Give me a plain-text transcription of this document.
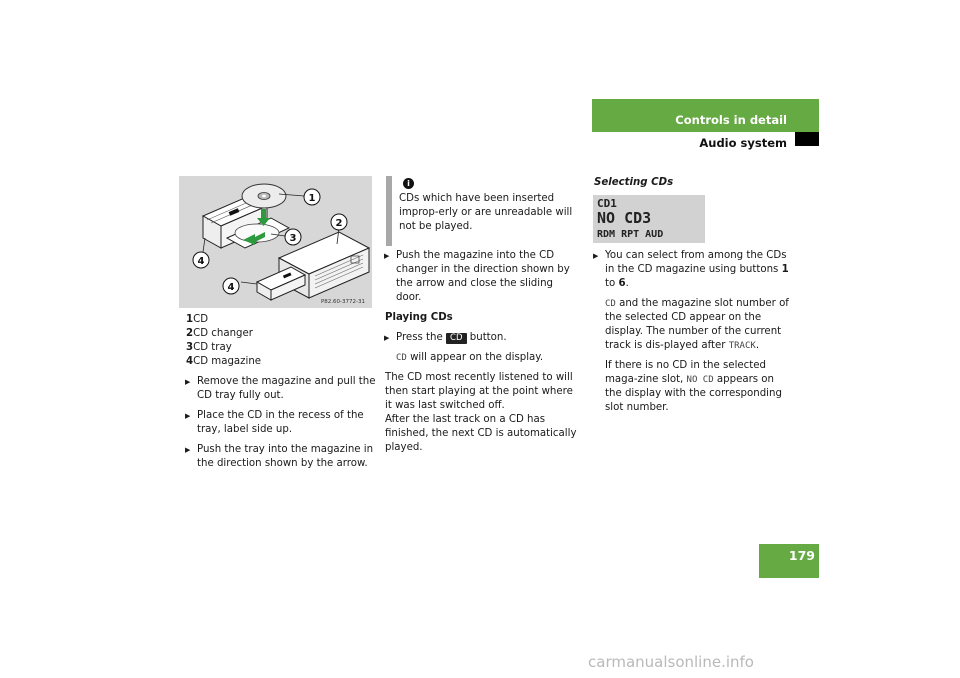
Controls in detail
Audio system
179
1
2
3
4
4
P82.60-3772-31
1CD
2CD changer
3CD tray
4CD magazine
▶ Remove the magazine and pull the CD tray fully out.
▶ Place the CD in the recess of the tray, label side up.
▶ Push the tray into the magazine in the direction shown by the arrow.
i
CDs which have been inserted improp-erly or are unreadable will not be played.
▶ Push the magazine into the CD changer in the direction shown by the arrow and close the sliding door.
Playing CDs
▶ Press the CD button.

CD will appear on the display.

The CD most recently listened to will then start playing at the point where it was last switched off.

After the last track on a CD has finished, the next CD is automatically played.

Selecting CDs
CD1
NO CD3
RDM RPT AUD
▶ You can select from among the CDs in the CD magazine using buttons 1 to 6.

CD and the magazine slot number of the selected CD appear on the display. The number of the current track is dis-played after TRACK.

If there is no CD in the selected maga-zine slot, NO CD appears on the display with the corresponding slot number.

carmanualsonline.info
